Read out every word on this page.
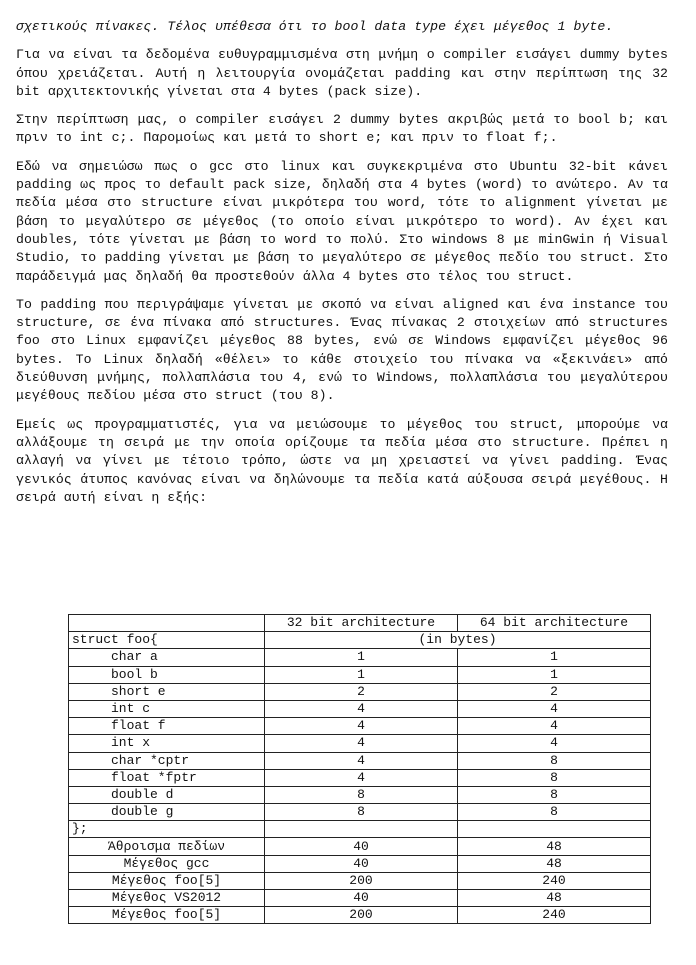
σχετικούς πίνακες. Τέλος υπέθεσα ότι το bool data type έχει μέγεθος 1 byte.

Για να είναι τα δεδομένα ευθυγραμμισμένα στη μνήμη ο compiler εισάγει dummy bytes όπου χρειάζεται. Αυτή η λειτουργία ονομάζεται padding και στην περίπτωση της 32 bit αρχιτεκτονικής γίνεται στα 4 bytes (pack size).

Στην περίπτωση μας, ο compiler εισάγει 2 dummy bytes ακριβώς μετά το bool b; και πριν το int c;. Παρομοίως και μετά το short e; και πριν το float f;.

Εδώ να σημειώσω πως ο gcc στο linux και συγκεκριμένα στο Ubuntu 32-bit κάνει padding ως προς το default pack size, δηλαδή στα 4 bytes (word) το ανώτερο. Αν τα πεδία μέσα στο structure είναι μικρότερα του word, τότε το alignment γίνεται με βάση το μεγαλύτερο σε μέγεθος (το οποίο είναι μικρότερο το word). Αν έχει και doubles, τότε γίνεται με βάση το word το πολύ. Στο windows 8 με minGwin ή Visual Studio, το padding γίνεται με βάση το μεγαλύτερο σε μέγεθος πεδίο του struct. Στο παράδειγμά μας δηλαδή θα προστεθούν άλλα 4 bytes στο τέλος του struct.

Το padding που περιγράψαμε γίνεται με σκοπό να είναι aligned και ένα instance του structure, σε ένα πίνακα από structures. Ένας πίνακας 2 στοιχείων από structures foo στο Linux εμφανίζει μέγεθος 88 bytes, ενώ σε Windows εμφανίζει μέγεθος 96 bytes. Το Linux δηλαδή «θέλει» το κάθε στοιχείο του πίνακα να «ξεκινάει» από διεύθυνση μνήμης, πολλαπλάσια του 4, ενώ το Windows, πολλαπλάσια του μεγαλύτερου μεγέθους πεδίου μέσα στο struct (του 8).

Εμείς ως προγραμματιστές, για να μειώσουμε το μέγεθος του struct, μπορούμε να αλλάξουμε τη σειρά με την οποία ορίζουμε τα πεδία μέσα στο structure. Πρέπει η αλλαγή να γίνει με τέτοιο τρόπο, ώστε να μη χρειαστεί να γίνει padding. Ένας γενικός άτυπος κανόνας είναι να δηλώνουμε τα πεδία κατά αύξουσα σειρά μεγέθους. Η σειρά αυτή είναι η εξής:

	32 bit architecture	64 bit architecture
struct foo{	(in bytes)	
char a	1	1
bool b	1	1
short e	2	2
int c	4	4
float f	4	4
int x	4	4
char *cptr	4	8
float *fptr	4	8
double d	8	8
double g	8	8
};		
Άθροισμα πεδίων	40	48
Μέγεθος gcc	40	48
Μέγεθος foo[5]	200	240
Μέγεθος VS2012	40	48
Μέγεθος foo[5]	200	240
